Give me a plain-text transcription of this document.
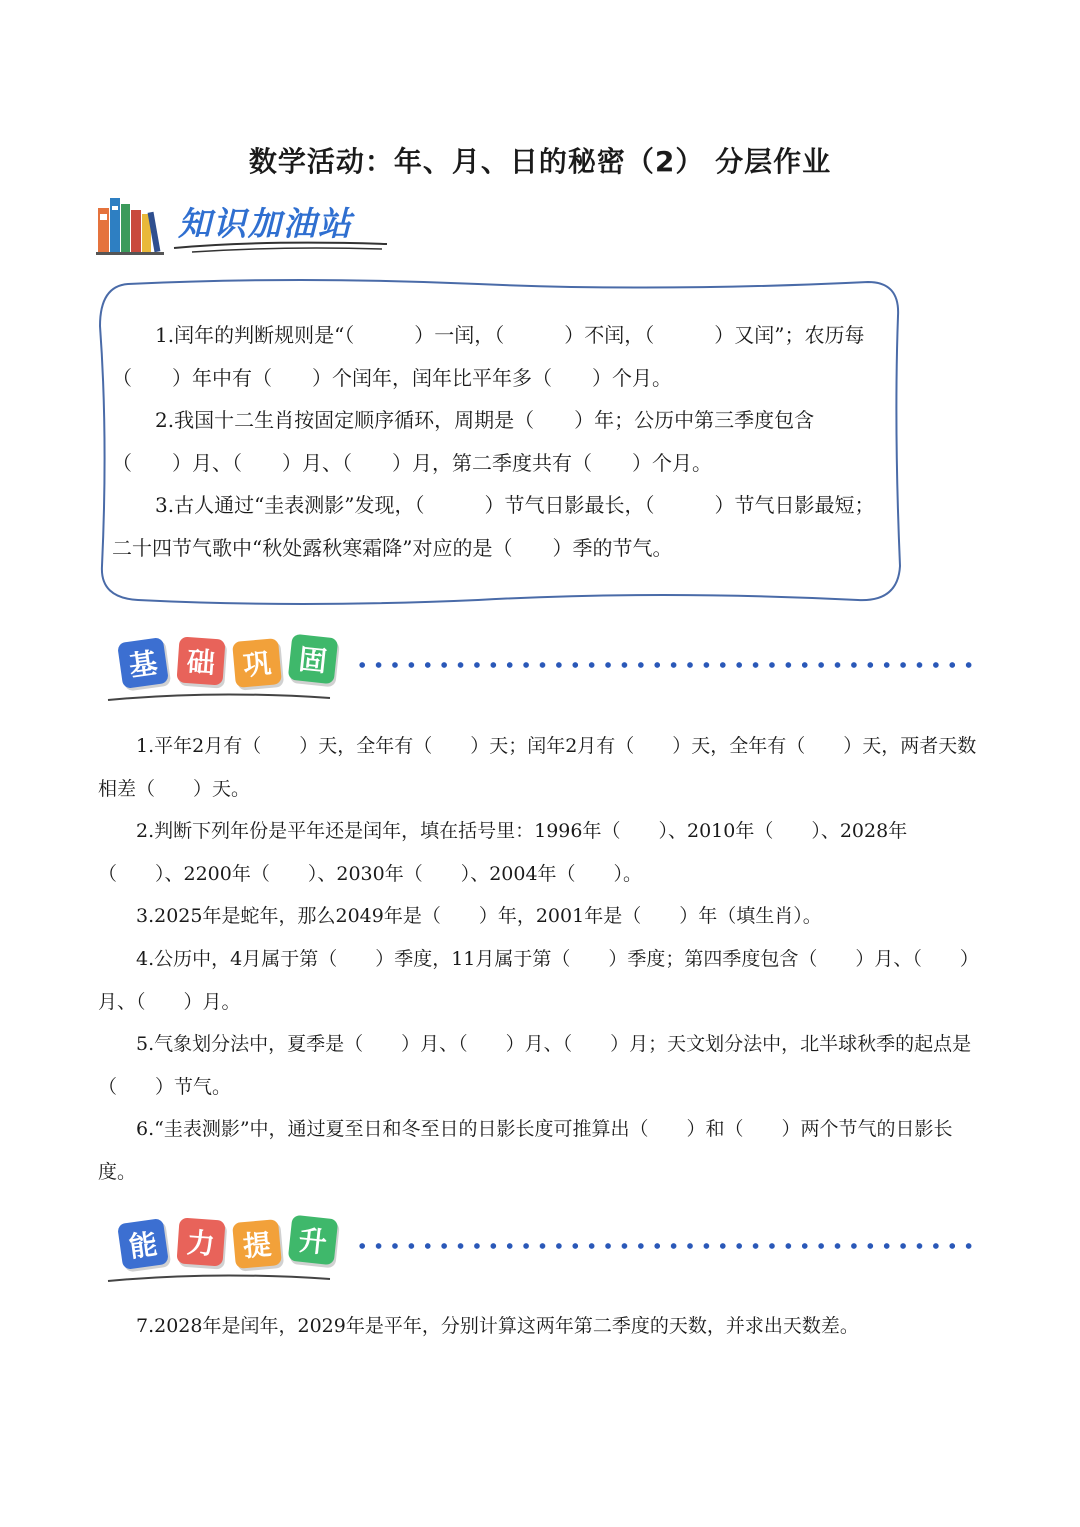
数学活动：年、月、日的秘密（2） 分层作业
知识加油站

1.闰年的判断规则是“（　　　）一闰，（　　　）不闰，（　　　）又闰”；农历每（　　）年中有（　　）个闰年，闰年比平年多（　　）个月。

2.我国十二生肖按固定顺序循环，周期是（　　）年；公历中第三季度包含（　　）月、（　　）月、（　　）月，第二季度共有（　　）个月。

3.古人通过“圭表测影”发现，（　　　）节气日影最长，（　　　）节气日影最短；二十四节气歌中“秋处露秋寒霜降”对应的是（　　）季的节气。

基 础 巩 固

1.平年2月有（　　）天，全年有（　　）天；闰年2月有（　　）天，全年有（　　）天，两者天数相差（　　）天。

2.判断下列年份是平年还是闰年，填在括号里：1996年（　　）、2010年（　　）、2028年（　　）、2200年（　　）、2030年（　　）、2004年（　　）。

3.2025年是蛇年，那么2049年是（　　）年，2001年是（　　）年（填生肖）。

4.公历中，4月属于第（　　）季度，11月属于第（　　）季度；第四季度包含（　　）月、（　　）月、（　　）月。

5.气象划分法中，夏季是（　　）月、（　　）月、（　　）月；天文划分法中，北半球秋季的起点是（　　）节气。

6.“圭表测影”中，通过夏至日和冬至日的日影长度可推算出（　　）和（　　）两个节气的日影长度。

能 力 提 升

7.2028年是闰年，2029年是平年，分别计算这两年第二季度的天数，并求出天数差。
